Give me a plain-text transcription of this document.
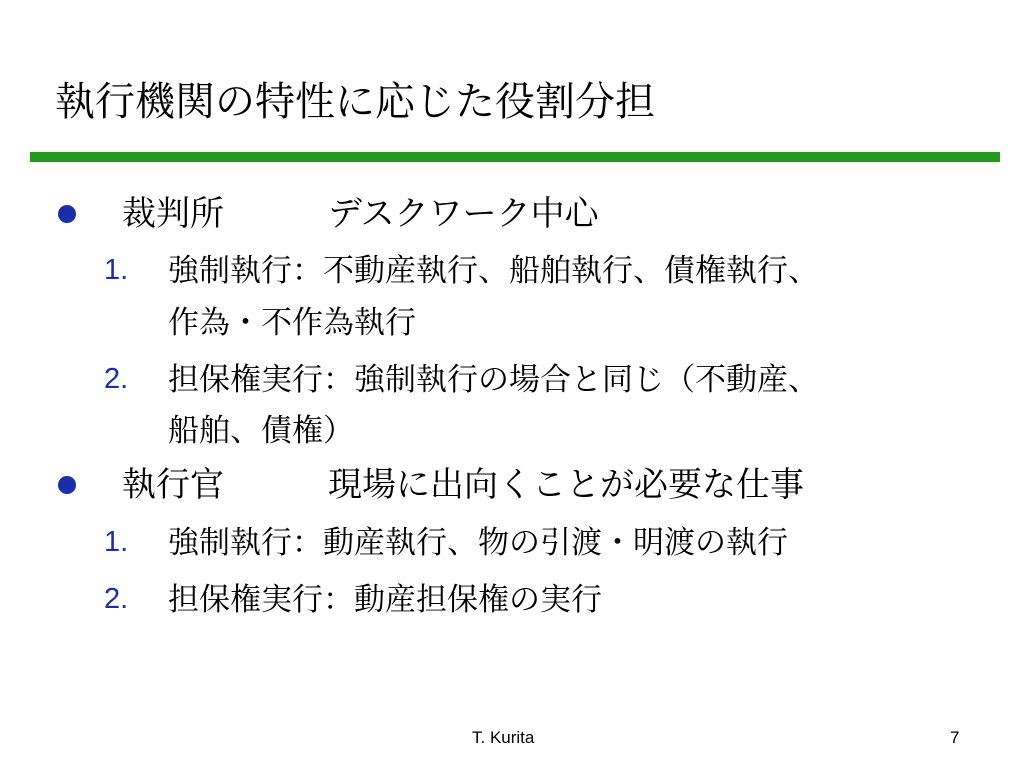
執行機関の特性に応じた役割分担
裁判所	デスクワーク中心
1. 強制執行：不動産執行、船舶執行、債権執行、
作為・不作為執行
2. 担保権実行：強制執行の場合と同じ（不動産、
船舶、債権）
執行官	現場に出向くことが必要な仕事
1. 強制執行：動産執行、物の引渡・明渡の執行
2. 担保権実行：動産担保権の実行
T. Kurita	7
